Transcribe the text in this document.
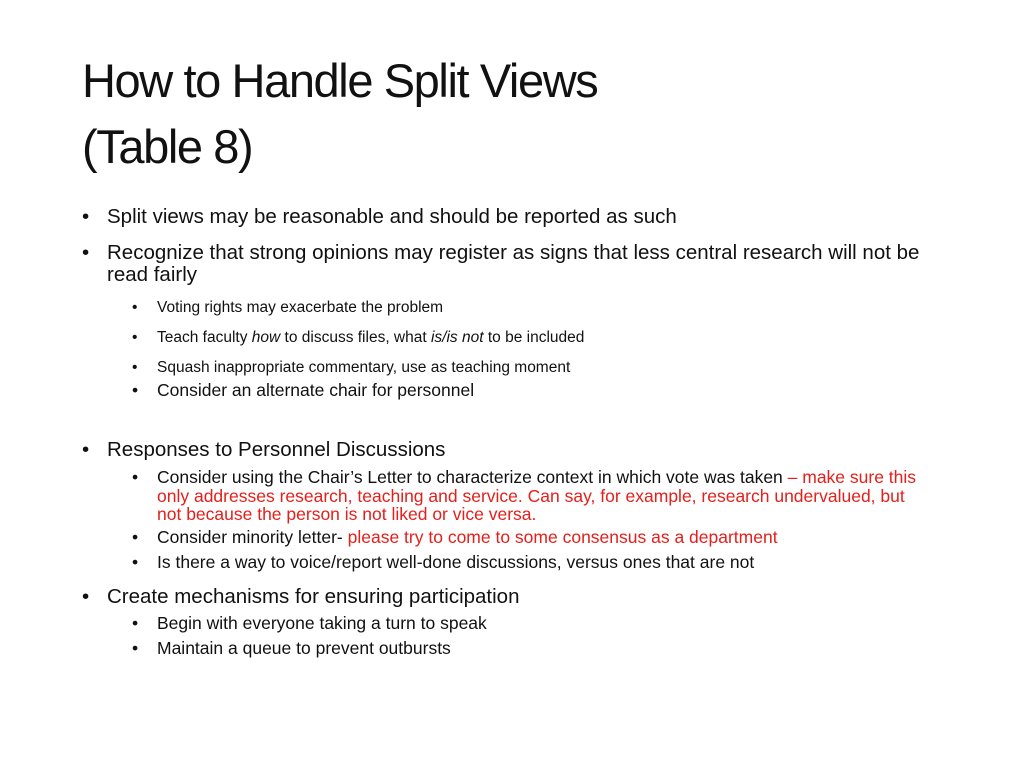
How to Handle Split Views
(Table 8)
• Split views may be reasonable and should be reported as such
• Recognize that strong opinions may register as signs that less central research will not be read fairly
•	Voting rights may exacerbate the problem
•	Teach faculty how to discuss files, what is/is not to be included
•	Squash inappropriate commentary, use as teaching moment
•	Consider an alternate chair for personnel
• Responses to Personnel Discussions
•	Consider using the Chair’s Letter to characterize context in which vote was taken – make sure this only addresses research, teaching and service. Can say, for example, research undervalued, but not because the person is not liked or vice versa.
•	Consider minority letter- please try to come to some consensus as a department
•	Is there a way to voice/report well-done discussions, versus ones that are not
• Create mechanisms for ensuring participation
•	Begin with everyone taking a turn to speak
•	Maintain a queue to prevent outbursts
